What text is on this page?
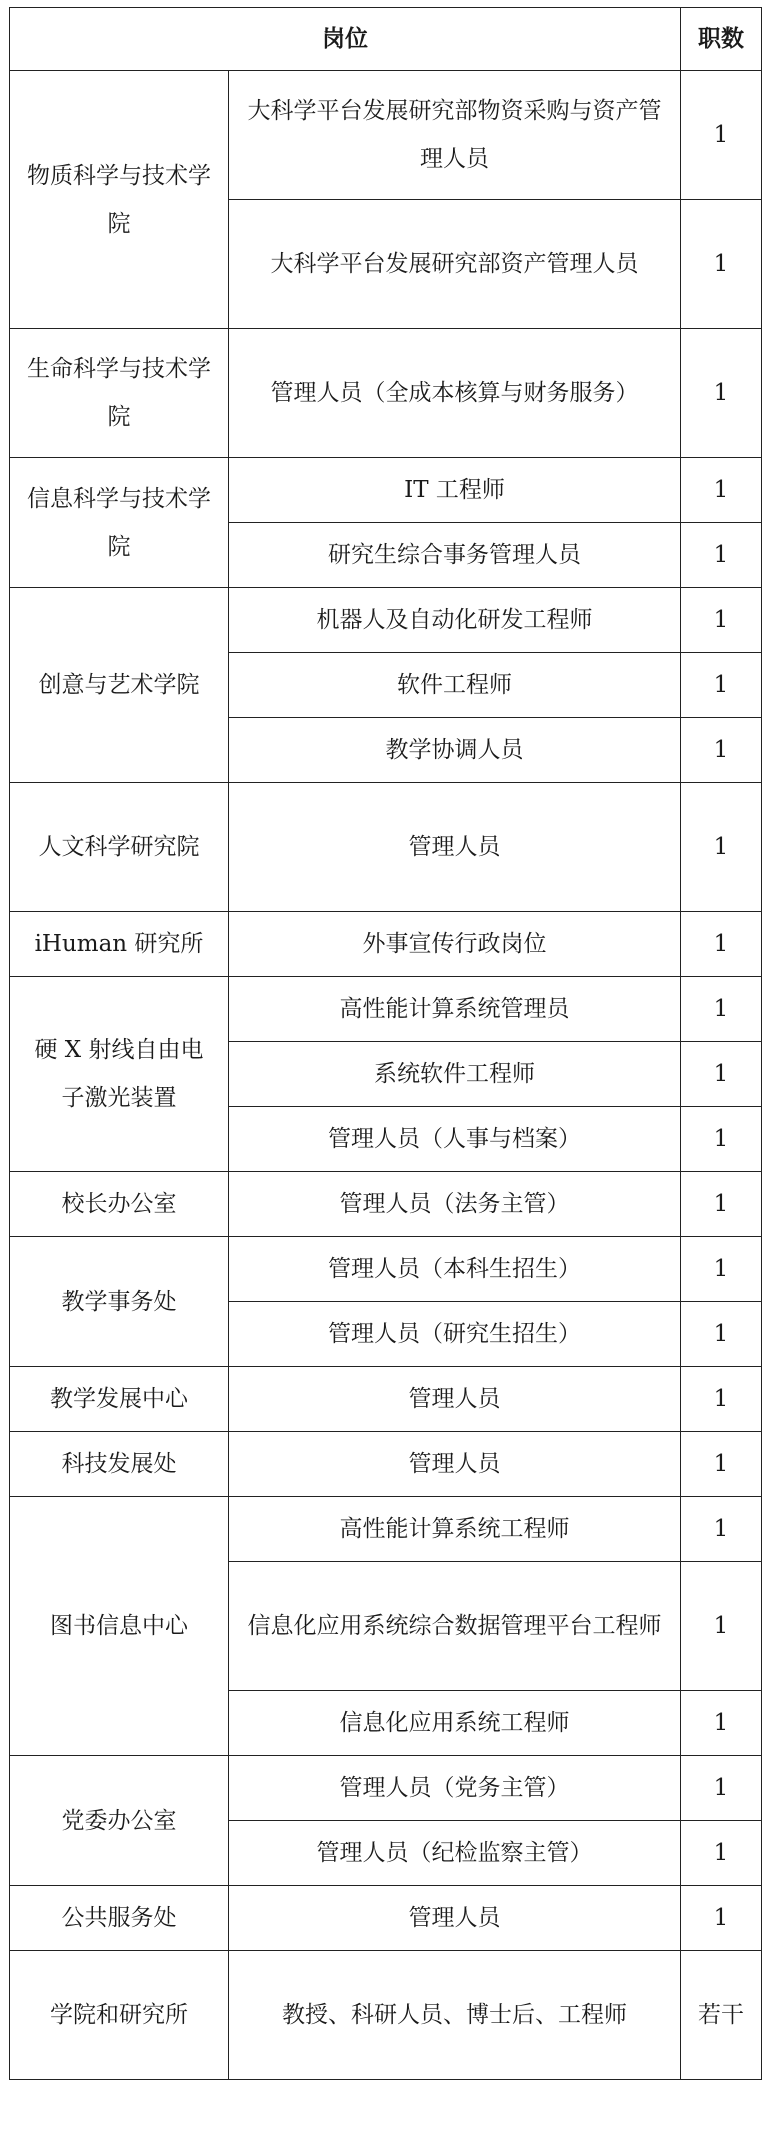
岗位		职数
物质科学与技术学院	大科学平台发展研究部物资采购与资产管理人员	1
	大科学平台发展研究部资产管理人员	1
生命科学与技术学院	管理人员（全成本核算与财务服务）	1
信息科学与技术学院	IT 工程师	1
	研究生综合事务管理人员	1
创意与艺术学院	机器人及自动化研发工程师	1
	软件工程师	1
	教学协调人员	1
人文科学研究院	管理人员	1
iHuman 研究所	外事宣传行政岗位	1
硬 X 射线自由电子激光装置	高性能计算系统管理员	1
	系统软件工程师	1
	管理人员（人事与档案）	1
校长办公室	管理人员（法务主管）	1
教学事务处	管理人员（本科生招生）	1
	管理人员（研究生招生）	1
教学发展中心	管理人员	1
科技发展处	管理人员	1
图书信息中心	高性能计算系统工程师	1
	信息化应用系统综合数据管理平台工程师	1
	信息化应用系统工程师	1
党委办公室	管理人员（党务主管）	1
	管理人员（纪检监察主管）	1
公共服务处	管理人员	1
学院和研究所	教授、科研人员、博士后、工程师	若干
